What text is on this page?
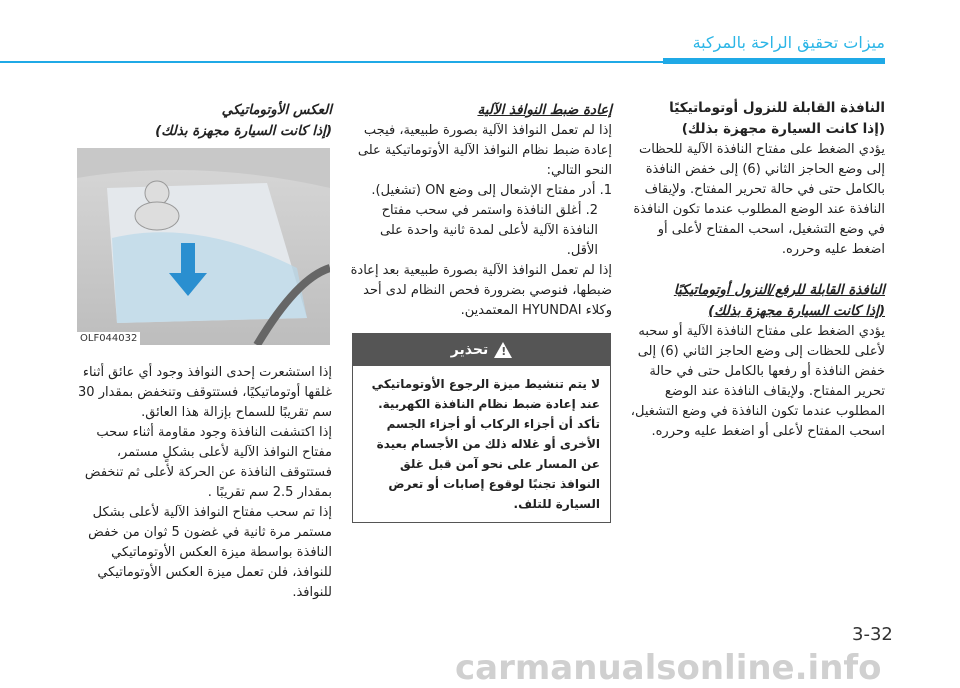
ميزات تحقيق الراحة بالمركبة

النافذة القابلة للنزول أوتوماتيكيًا

(إذا كانت السيارة مجهزة بذلك)

يؤدي الضغط على مفتاح النافذة الآلية للحظات إلى وضع الحاجز الثاني (6) إلى خفض النافذة بالكامل حتى في حالة تحرير المفتاح. ولإيقاف النافذة عند الوضع المطلوب عندما تكون النافذة في وضع التشغيل، اسحب المفتاح لأعلى أو اضغط عليه وحرره.

النافذة القابلة للرفع/النزول أوتوماتيكيًا

(إذا كانت السيارة مجهزة بذلك)

يؤدي الضغط على مفتاح النافذة الآلية أو سحبه لأعلى للحظات إلى وضع الحاجز الثاني (6) إلى خفض النافذة أو رفعها بالكامل حتى في حالة تحرير المفتاح. ولإيقاف النافذة عند الوضع المطلوب عندما تكون النافذة في وضع التشغيل، اسحب المفتاح لأعلى أو اضغط عليه وحرره.

إعادة ضبط النوافذ الآلية

إذا لم تعمل النوافذ الآلية بصورة طبيعية، فيجب إعادة ضبط نظام النوافذ الآلية الأوتوماتيكية على النحو التالي:

1. أدر مفتاح الإشعال إلى وضع ON (تشغيل).

2. أغلق النافذة واستمر في سحب مفتاح النافذة الآلية لأعلى لمدة ثانية واحدة على الأقل.

إذا لم تعمل النوافذ الآلية بصورة طبيعية بعد إعادة ضبطها، فنوصي بضرورة فحص النظام لدى أحد وكلاء HYUNDAI المعتمدين.

!
تحذير
لا يتم تنشيط ميزة الرجوع الأوتوماتيكي عند إعادة ضبط نظام النافذة الكهربية. تأكد أن أجزاء الركاب أو أجزاء الجسم الأخرى أو غلاله ذلك من الأجسام بعيدة عن المسار على نحو آمن قبل غلق النوافذ تجنبًا لوقوع إصابات أو تعرض السيارة للتلف.

العكس الأوتوماتيكي

(إذا كانت السيارة مجهزة بذلك)

OLF044032

إذا استشعرت إحدى النوافذ وجود أي عائق أثناء غلقها أوتوماتيكيًا، فستتوقف وتنخفض بمقدار 30 سم تقريبًا للسماح بإزالة هذا العائق.

إذا اكتشفت النافذة وجود مقاومة أثناء سحب مفتاح النوافذ الآلية لأعلى بشكلٍ مستمر، فستتوقف النافذة عن الحركة لأعلى ثم تنخفض بمقدار 2.5 سم تقريبًا .

إذا تم سحب مفتاح النوافذ الآلية لأعلى بشكل مستمر مرة ثانية في غضون 5 ثوان من خفض النافذة بواسطة ميزة العكس الأوتوماتيكي للنوافذ، فلن تعمل ميزة العكس الأوتوماتيكي للنوافذ.

3-32
carmanualsonline.info
